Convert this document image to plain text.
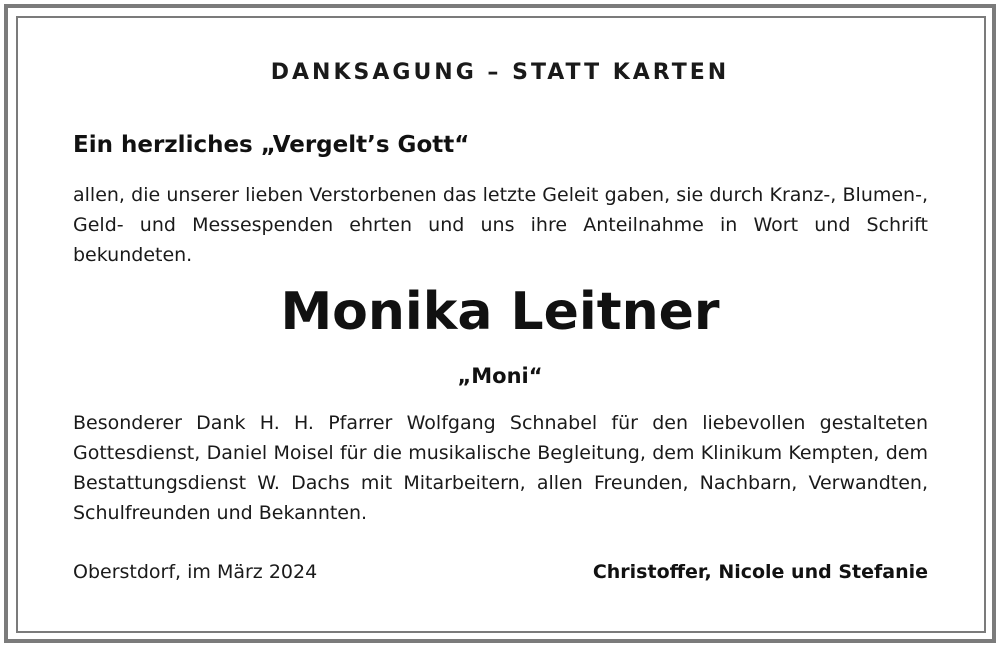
DANKSAGUNG – STATT KARTEN
Ein herzliches „Vergelt’s Gott“
allen, die unserer lieben Verstorbenen das letzte Geleit gaben, sie durch Kranz-, Blumen-, Geld- und Messespenden ehrten und uns ihre Anteilnahme in Wort und Schrift bekundeten.
Monika Leitner
„Moni“
Besonderer Dank H. H. Pfarrer Wolfgang Schnabel für den liebevollen gestalteten Gottesdienst, Daniel Moisel für die musikalische Begleitung, dem Klinikum Kempten, dem Bestattungsdienst W. Dachs mit Mitarbeitern, allen Freunden, Nachbarn, Verwandten, Schulfreunden und Bekannten.
Oberstdorf, im März 2024	Christoffer, Nicole und Stefanie
